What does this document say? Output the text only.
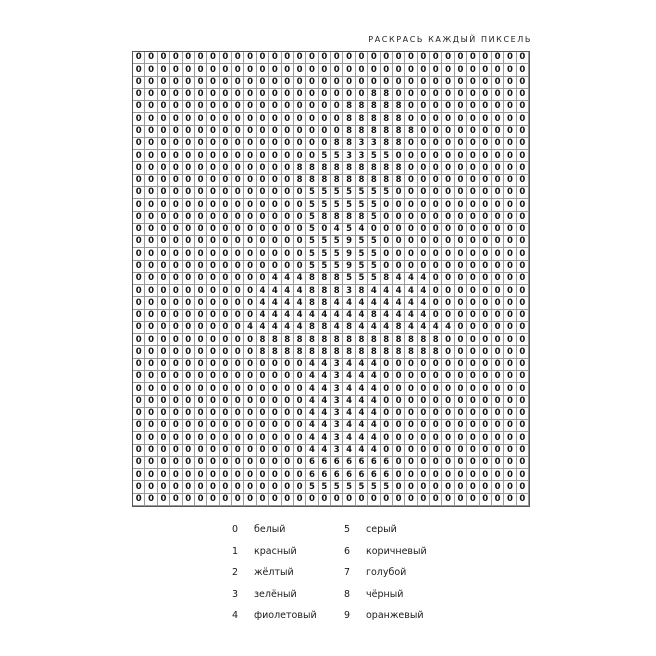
РАСКРАСЬ КАЖДЫЙ ПИКСЕЛЬ
0 0 0 0 0 0 0 0 0 0 0 0 0 0 0 0 0 0 0 0 0 0 0 0 0 0 0 0 0 0 0 0
0 0 0 0 0 0 0 0 0 0 0 0 0 0 0 0 0 0 0 0 0 0 0 0 0 0 0 0 0 0 0 0
0 0 0 0 0 0 0 0 0 0 0 0 0 0 0 0 0 0 0 0 0 0 0 0 0 0 0 0 0 0 0 0
0 0 0 0 0 0 0 0 0 0 0 0 0 0 0 0 0 0 0 8 8 0 0 0 0 0 0 0 0 0 0 0
0 0 0 0 0 0 0 0 0 0 0 0 0 0 0 0 0 8 8 8 8 8 0 0 0 0 0 0 0 0 0 0
0 0 0 0 0 0 0 0 0 0 0 0 0 0 0 0 0 8 8 8 8 8 0 0 0 0 0 0 0 0 0 0
0 0 0 0 0 0 0 0 0 0 0 0 0 0 0 0 0 8 8 8 8 8 8 0 0 0 0 0 0 0 0 0
0 0 0 0 0 0 0 0 0 0 0 0 0 0 0 0 8 8 3 3 8 8 0 0 0 0 0 0 0 0 0 0
0 0 0 0 0 0 0 0 0 0 0 0 0 0 0 5 5 3 3 5 5 0 0 0 0 0 0 0 0 0 0 0
0 0 0 0 0 0 0 0 0 0 0 0 0 8 8 8 8 8 8 8 8 8 0 0 0 0 0 0 0 0 0 0
0 0 0 0 0 0 0 0 0 0 0 0 0 8 8 8 8 8 8 8 8 8 0 0 0 0 0 0 0 0 0 0
0 0 0 0 0 0 0 0 0 0 0 0 0 0 5 5 5 5 5 5 5 0 0 0 0 0 0 0 0 0 0 0
0 0 0 0 0 0 0 0 0 0 0 0 0 0 5 5 5 5 5 5 0 0 0 0 0 0 0 0 0 0 0 0
0 0 0 0 0 0 0 0 0 0 0 0 0 0 5 8 8 8 8 5 0 0 0 0 0 0 0 0 0 0 0 0
0 0 0 0 0 0 0 0 0 0 0 0 0 0 5 0 4 5 4 0 0 0 0 0 0 0 0 0 0 0 0 0
0 0 0 0 0 0 0 0 0 0 0 0 0 0 5 5 5 9 5 5 0 0 0 0 0 0 0 0 0 0 0 0
0 0 0 0 0 0 0 0 0 0 0 0 0 0 5 5 5 9 5 5 0 0 0 0 0 0 0 0 0 0 0 0
0 0 0 0 0 0 0 0 0 0 0 0 0 0 5 5 5 9 5 5 0 0 0 0 0 0 0 0 0 0 0 0
0 0 0 0 0 0 0 0 0 0 0 4 4 4 8 8 8 5 5 5 8 4 4 4 0 0 0 0 0 0 0 0
0 0 0 0 0 0 0 0 0 0 4 4 4 4 8 8 8 3 8 4 4 4 4 4 0 0 0 0 0 0 0 0
0 0 0 0 0 0 0 0 0 0 4 4 4 4 8 8 4 4 4 4 4 4 4 4 0 0 0 0 0 0 0 0
0 0 0 0 0 0 0 0 0 0 4 4 4 4 4 4 4 4 4 8 4 4 4 4 0 0 0 0 0 0 0 0
0 0 0 0 0 0 0 0 0 4 4 4 4 4 8 8 4 8 4 4 4 8 4 4 4 4 0 0 0 0 0 0
0 0 0 0 0 0 0 0 0 0 8 8 8 8 8 8 8 8 8 8 8 8 8 8 8 0 0 0 0 0 0 0
0 0 0 0 0 0 0 0 0 0 8 8 8 8 8 8 8 8 8 8 8 8 8 8 8 0 0 0 0 0 0 0
0 0 0 0 0 0 0 0 0 0 0 0 0 0 4 4 3 4 4 4 0 0 0 0 0 0 0 0 0 0 0 0
0 0 0 0 0 0 0 0 0 0 0 0 0 0 4 4 3 4 4 4 0 0 0 0 0 0 0 0 0 0 0 0
0 0 0 0 0 0 0 0 0 0 0 0 0 0 4 4 3 4 4 4 0 0 0 0 0 0 0 0 0 0 0 0
0 0 0 0 0 0 0 0 0 0 0 0 0 0 4 4 3 4 4 4 0 0 0 0 0 0 0 0 0 0 0 0
0 0 0 0 0 0 0 0 0 0 0 0 0 0 4 4 3 4 4 4 0 0 0 0 0 0 0 0 0 0 0 0
0 0 0 0 0 0 0 0 0 0 0 0 0 0 4 4 3 4 4 4 0 0 0 0 0 0 0 0 0 0 0 0
0 0 0 0 0 0 0 0 0 0 0 0 0 0 4 4 3 4 4 4 0 0 0 0 0 0 0 0 0 0 0 0
0 0 0 0 0 0 0 0 0 0 0 0 0 0 4 4 3 4 4 4 0 0 0 0 0 0 0 0 0 0 0 0
0 0 0 0 0 0 0 0 0 0 0 0 0 0 6 6 6 6 6 6 6 0 0 0 0 0 0 0 0 0 0 0
0 0 0 0 0 0 0 0 0 0 0 0 0 0 6 6 6 6 6 6 6 0 0 0 0 0 0 0 0 0 0 0
0 0 0 0 0 0 0 0 0 0 0 0 0 0 5 5 5 5 5 5 5 0 0 0 0 0 0 0 0 0 0 0
0 0 0 0 0 0 0 0 0 0 0 0 0 0 0 0 0 0 0 0 0 0 0 0 0 0 0 0 0 0 0 0
0	белый
1	красный
2	жёлтый
3	зелёный
4	фиолетовый
5	серый
6	коричневый
7	голубой
8	чёрный
9	оранжевый
